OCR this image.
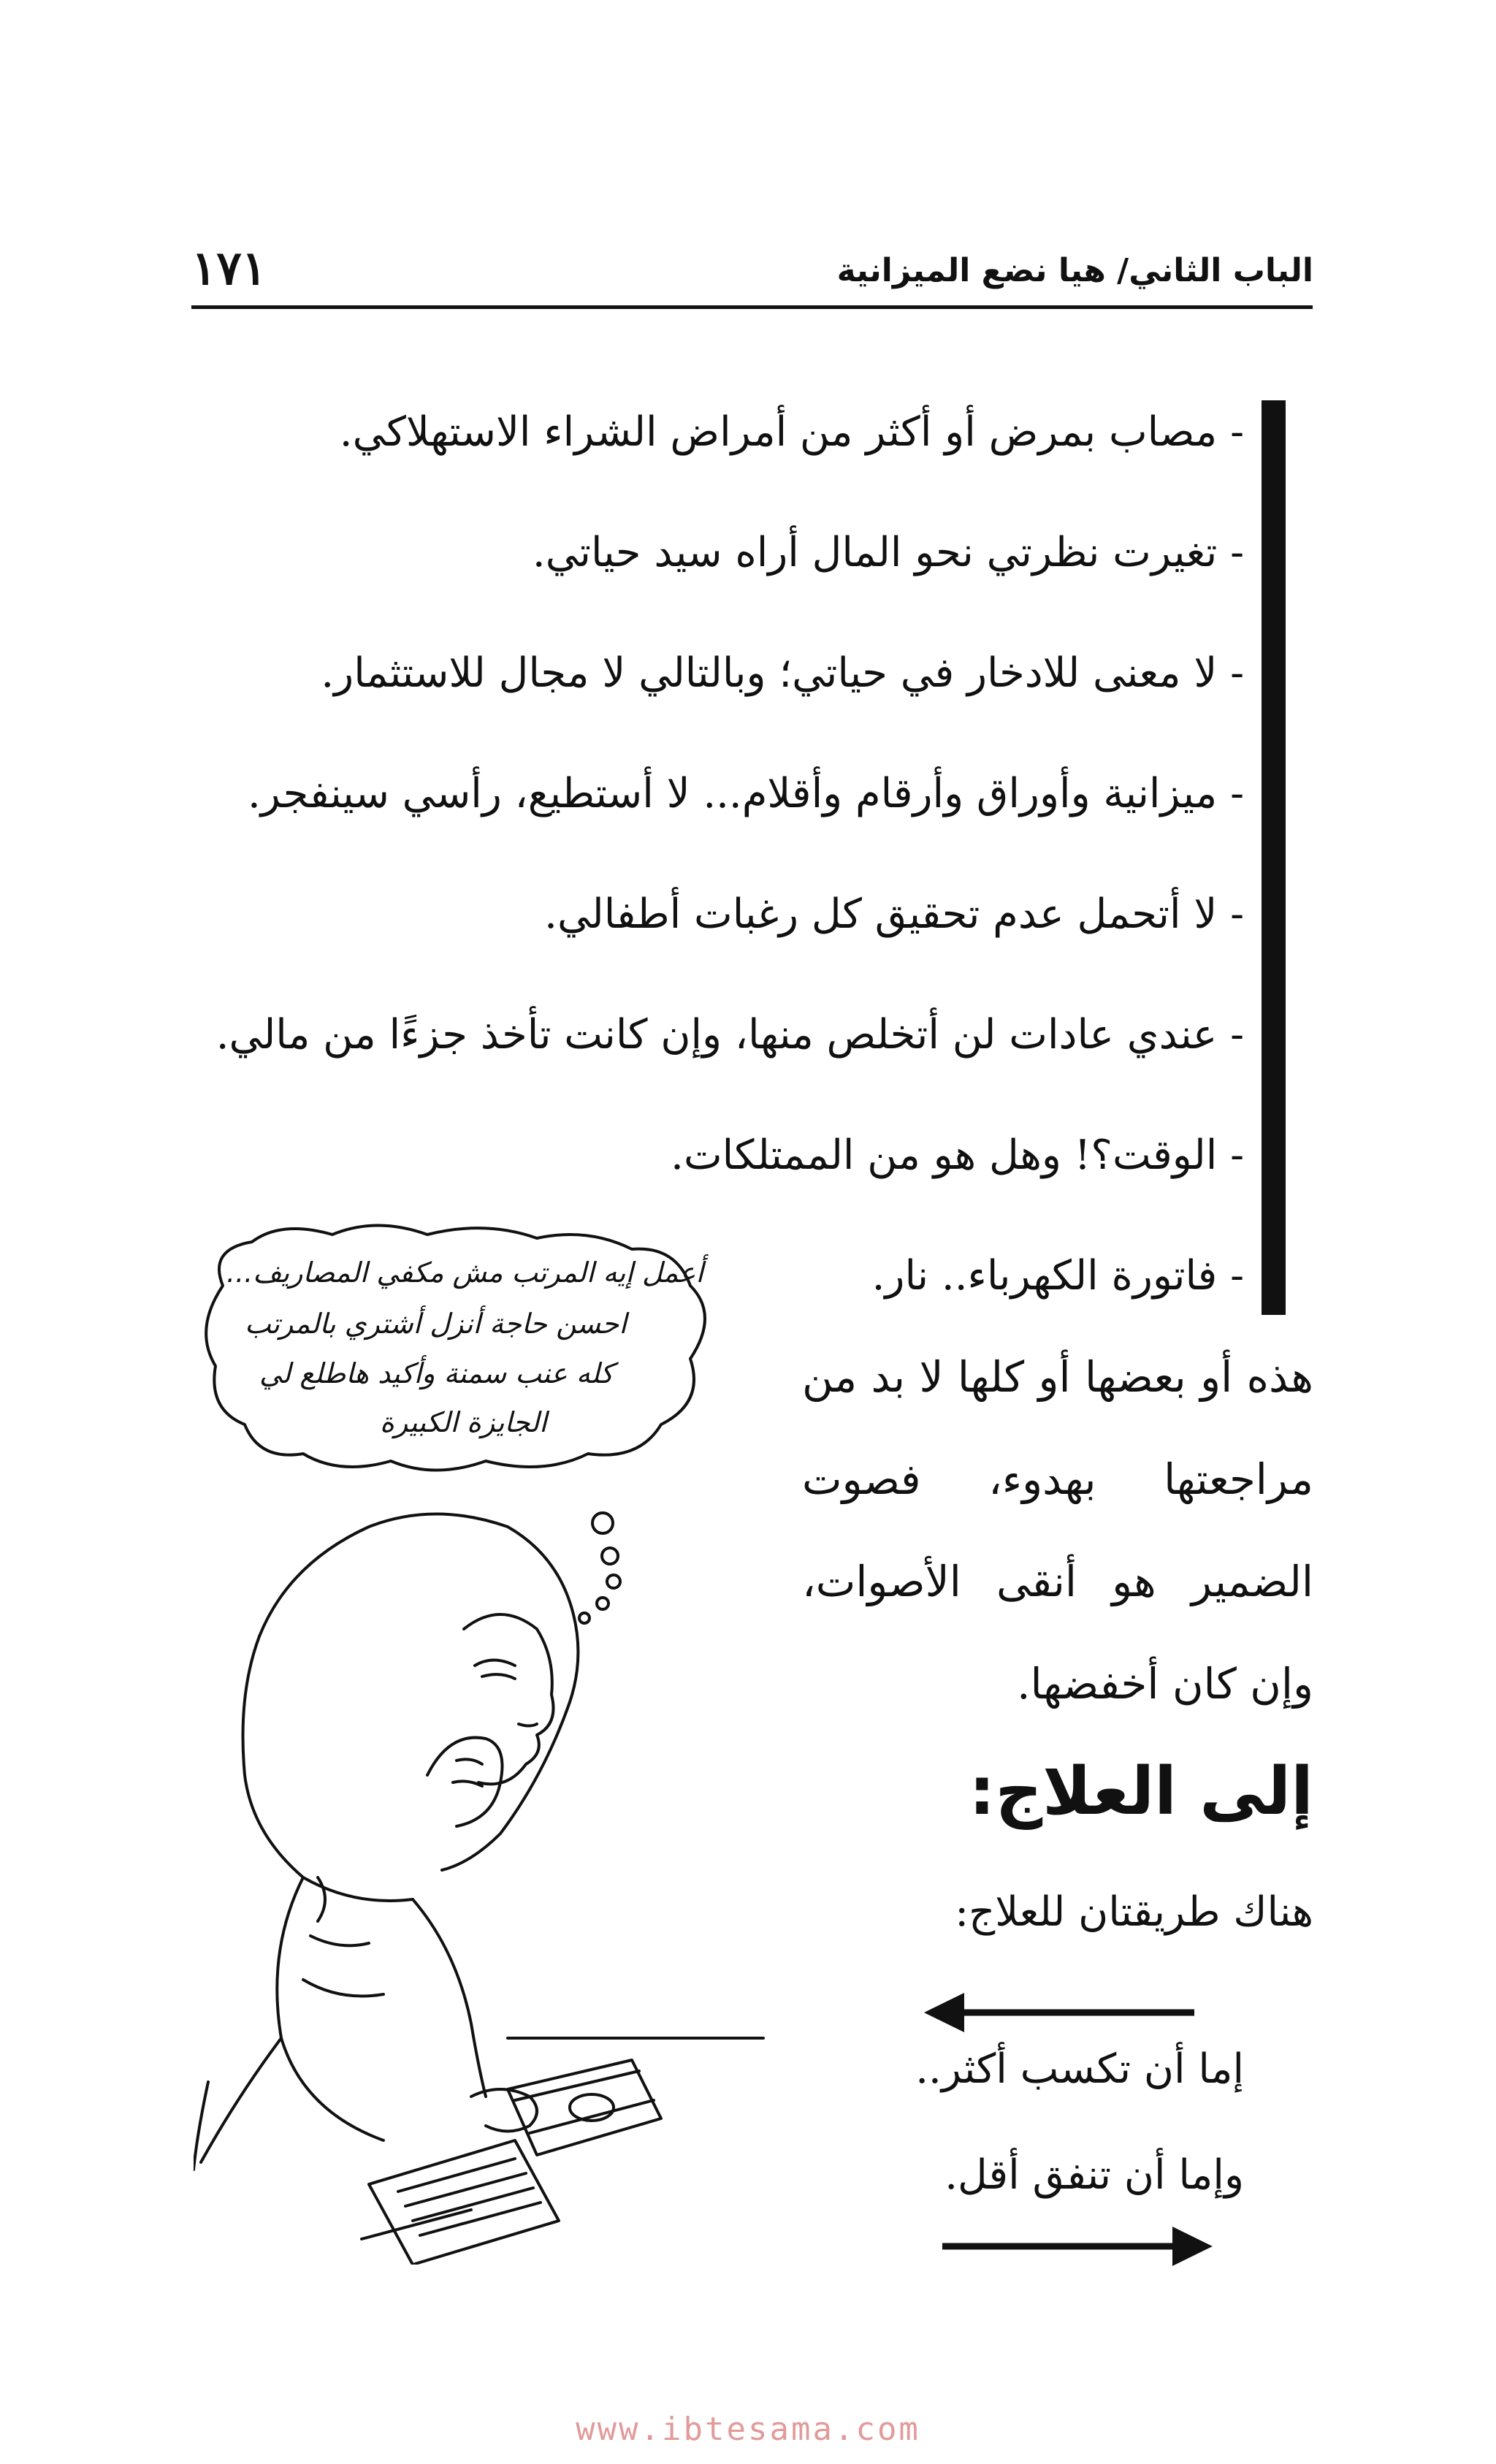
الباب الثاني/ هيا نضع الميزانية
١٧١
- مصاب بمرض أو أكثر من أمراض الشراء الاستهلاكي.
- تغيرت نظرتي نحو المال أراه سيد حياتي.
- لا معنى للادخار في حياتي؛ وبالتالي لا مجال للاستثمار.
- ميزانية وأوراق وأرقام وأقلام... لا أستطيع، رأسي سينفجر.
- لا أتحمل عدم تحقيق كل رغبات أطفالي.
- عندي عادات لن أتخلص منها، وإن كانت تأخذ جزءًا من مالي.
- الوقت؟! وهل هو من الممتلكات.
- فاتورة الكهرباء.. نار.
هذه أو بعضها أو كلها لا بد من مراجعتها بهدوء، فصوت الضمير هو أنقى الأصوات، وإن كان أخفضها.
إلى العلاج:
هناك طريقتان للعلاج:
إما أن تكسب أكثر..
وإما أن تنفق أقل.
أعمل إيه المرتب مش مكفي المصاريف...
احسن حاجة أنزل أشتري بالمرتب
كله عنب سمنة وأكيد هاطلع لي
الجايزة الكبيرة
www.ibtesama.com
